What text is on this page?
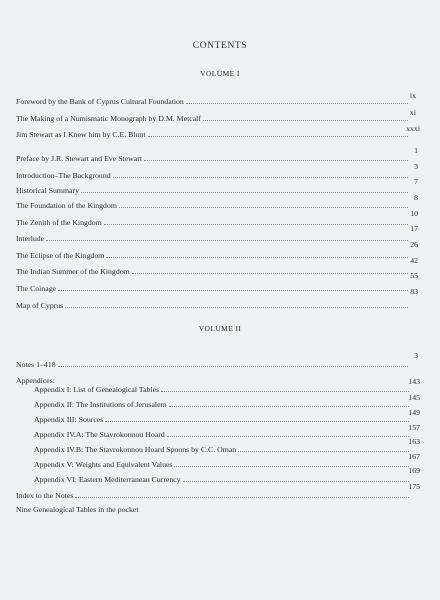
CONTENTS
VOLUME I
Foreword by the Bank of Cyprus Cultural Foundation
ix
The Making of a Numismatic Monograph by D.M. Metcalf
xi
Jim Stewart as I Knew him by C.E. Blunt
xxxi
Preface by J.R. Stewart and Eve Stewart
1
Introduction–The Background
3
Historical Summary
7
The Foundation of the Kingdom
8
The Zenith of the Kingdom
10
Interlude
17
The Eclipse of the Kingdom
26
The Indian Summer of the Kingdom
42
The Coinage
55
Map of Cyprus
83
VOLUME II
Notes 1–418
3
Appendices:
Appendix I: List of Genealogical Tables
143
Appendix II: The Institutions of Jerusalem
145
Appendix III: Sources
149
Appendix IV.A: The Stavrokonnou Hoard
157
Appendix IV.B: The Stavrokonnou Hoard Spoons by C.C. Oman
163
Appendix V: Weights and Equivalent Values
167
Appendix VI: Eastern Mediterranean Currency
169
Index to the Notes
175
Nine Genealogical Tables in the pocket
